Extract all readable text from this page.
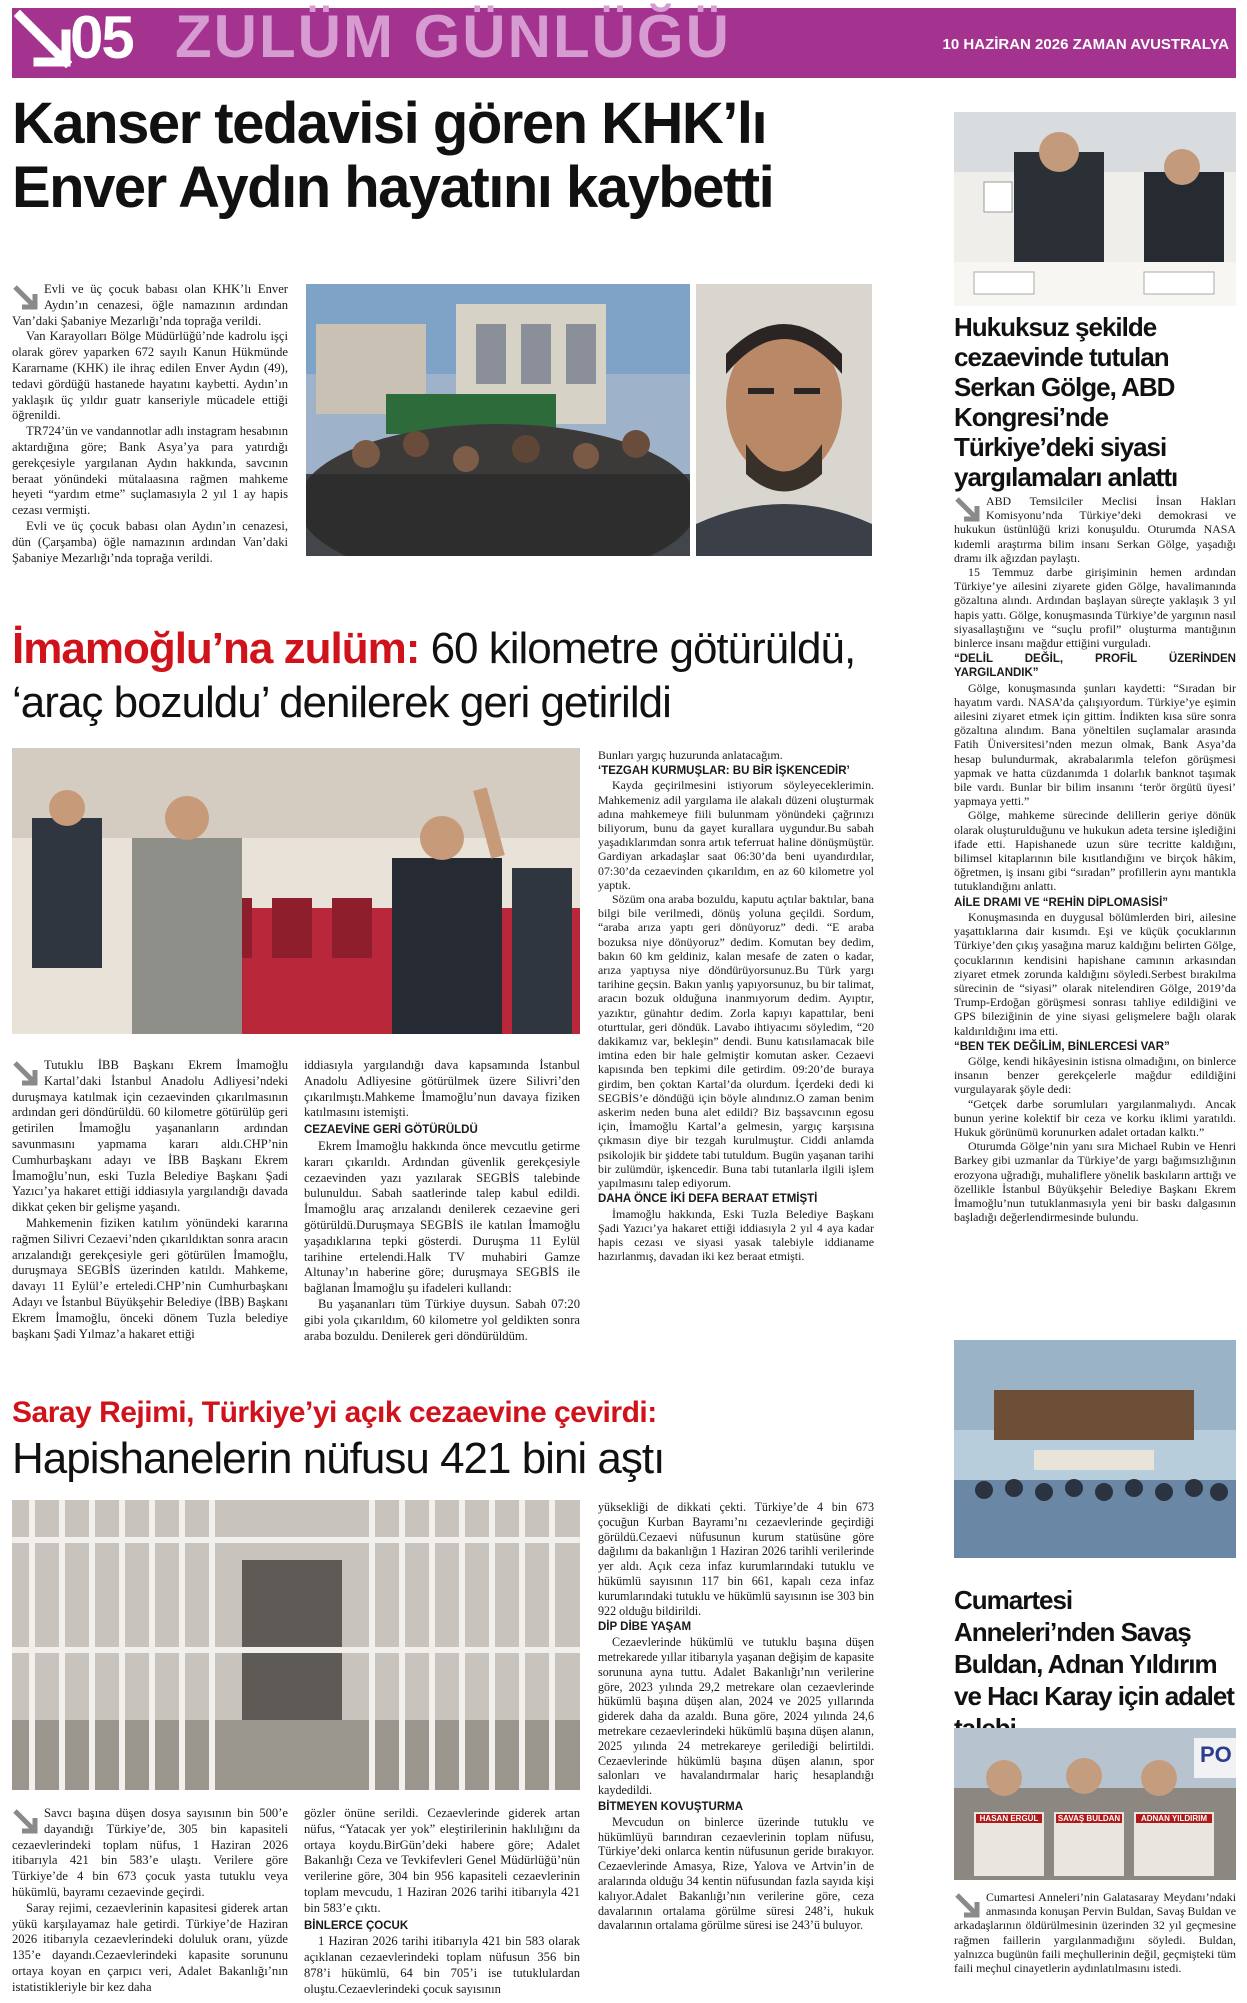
05 ZULÜM GÜNLÜĞÜ	10 HAZİRAN 2026 ZAMAN AVUSTRALYA
Kanser tedavisi gören KHK’lı
Enver Aydın hayatını kaybetti

Evli ve üç çocuk babası olan KHK’lı Enver Aydın’ın cenazesi, öğle namazının ardından Van’daki Şabaniye Mezarlığı’nda toprağa verildi.

Van Karayolları Bölge Müdürlüğü’nde kadrolu işçi olarak görev yaparken 672 sayılı Kanun Hükmünde Kararname (KHK) ile ihraç edilen Enver Aydın (49), tedavi gördüğü hastanede hayatını kaybetti. Aydın’ın yaklaşık üç yıldır guatr kanseriyle mücadele ettiği öğrenildi.

TR724’ün ve vandannotlar adlı instagram hesabının aktardığına göre; Bank Asya’ya para yatırdığı gerekçesiyle yargılanan Aydın hakkında, savcının beraat yönündeki mütalaasına rağmen mahkeme heyeti “yardım etme” suçlamasıyla 2 yıl 1 ay hapis cezası vermişti.

Evli ve üç çocuk babası olan Aydın’ın cenazesi, dün (Çarşamba) öğle namazının ardından Van’daki Şabaniye Mezarlığı’nda toprağa verildi.

İmamoğlu’na zulüm: 60 kilometre götürüldü,
‘araç bozuldu’ denilerek geri getirildi

Tutuklu İBB Başkanı Ekrem İmamoğlu Kartal’daki İstanbul Anadolu Adliyesi’ndeki duruşmaya katılmak için cezaevinden çıkarılmasının ardından geri döndürüldü. 60 kilometre götürülüp geri getirilen İmamoğlu yaşananların ardından savunmasını yapmama kararı aldı.CHP’nin Cumhurbaşkanı adayı ve İBB Başkanı Ekrem İmamoğlu’nun, eski Tuzla Belediye Başkanı Şadi Yazıcı’ya hakaret ettiği iddiasıyla yargılandığı davada dikkat çeken bir gelişme yaşandı.

Mahkemenin fiziken katılım yönündeki kararına rağmen Silivri Cezaevi’nden çıkarıldıktan sonra aracın arızalandığı gerekçesiyle geri götürülen İmamoğlu, duruşmaya SEGBİS üzerinden katıldı. Mahkeme, davayı 11 Eylül’e erteledi.CHP’nin Cumhurbaşkanı Adayı ve İstanbul Büyükşehir Belediye (İBB) Başkanı Ekrem İmamoğlu, önceki dönem Tuzla belediye başkanı Şadi Yılmaz’a hakaret ettiği

iddiasıyla yargılandığı dava kapsamında İstanbul Anadolu Adliyesine götürülmek üzere Silivri’den çıkarılmıştı.Mahkeme İmamoğlu’nun davaya fiziken katılmasını istemişti.

CEZAEVİNE GERİ GÖTÜRÜLDÜ

Ekrem İmamoğlu hakkında önce mevcutlu getirme kararı çıkarıldı. Ardından güvenlik gerekçesiyle cezaevinden yazı yazılarak SEGBİS talebinde bulunulduı. Sabah saatlerinde talep kabul edildi. İmamoğlu araç arızalandı denilerek cezaevine geri götürüldü.Duruşmaya SEGBİS ile katılan İmamoğlu yaşadıklarına tepki gösterdi. Duruşma 11 Eylül tarihine ertelendi.Halk TV muhabiri Gamze Altunay’ın haberine göre; duruşmaya SEGBİS ile bağlanan İmamoğlu şu ifadeleri kullandı:

Bu yaşananları tüm Türkiye duysun. Sabah 07:20 gibi yola çıkarıldım, 60 kilometre yol geldikten sonra araba bozuldu. Denilerek geri döndürüldüm.

Bunları yargıç huzurunda anlatacağım.

‘TEZGAH KURMUŞLAR: BU BİR İŞKENCEDİR’

Kayda geçirilmesini istiyorum söyleyeceklerimin. Mahkemeniz adil yargılama ile alakalı düzeni oluşturmak adına mahkemeye fiili bulunmam yönündeki çağrınızı biliyorum, bunu da gayet kurallara uygundur.Bu sabah yaşadıklarımdan sonra artık teferruat haline dönüşmüştür. Gardiyan arkadaşlar saat 06:30’da beni uyandırdılar, 07:30’da cezaevinden çıkarıldım, en az 60 kilometre yol yaptık.

Sözüm ona araba bozuldu, kaputu açtılar baktılar, bana bilgi bile verilmedi, dönüş yoluna geçildi. Sordum, “araba arıza yaptı geri dönüyoruz” dedi. “E araba bozuksa niye dönüyoruz” dedim. Komutan bey dedim, bakın 60 km geldiniz, kalan mesafe de zaten o kadar, arıza yaptıysa niye döndürüyorsunuz.Bu Türk yargı tarihine geçsin. Bakın yanlış yapıyorsunuz, bu bir talimat, aracın bozuk olduğuna inanmıyorum dedim. Ayıptır, yazıktır, günahtır dedim. Zorla kapıyı kapattılar, beni oturttular, geri döndük. Lavabo ihtiyacımı söyledim, “20 dakikamız var, bekleşin” dendi. Bunu katısılamacak bile imtina eden bir hale gelmiştir komutan asker. Cezaevi kapısında ben tepkimi dile getirdim. 09:20’de buraya girdim, ben çoktan Kartal’da olurdum. İçerdeki dedi ki SEGBİS’e döndüğü için böyle alındınız.O zaman benim askerim neden buna alet edildi? Biz başsavcının egosu için, İmamoğlu Kartal’a gelmesin, yargıç karşısına çıkmasın diye bir tezgah kurulmuştur. Ciddi anlamda psikolojik bir şiddete tabi tutuldum. Bugün yaşanan tarihi bir zulümdür, işkencedir. Buna tabi tutanlarla ilgili işlem yapılmasını talep ediyorum.

DAHA ÖNCE İKİ DEFA BERAAT ETMİŞTİ

İmamoğlu hakkında, Eski Tuzla Belediye Başkanı Şadi Yazıcı’ya hakaret ettiği iddiasıyla 2 yıl 4 aya kadar hapis cezası ve siyasi yasak talebiyle iddianame hazırlanmış, davadan iki kez beraat etmişti.

Saray Rejimi, Türkiye’yi açık cezaevine çevirdi:
Hapishanelerin nüfusu 421 bini aştı

Savcı başına düşen dosya sayısının bin 500’e dayandığı Türkiye’de, 305 bin kapasiteli cezaevlerindeki toplam nüfus, 1 Haziran 2026 itibarıyla 421 bin 583’e ulaştı. Verilere göre Türkiye’de 4 bin 673 çocuk yasta tutuklu veya hükümlü, bayramı cezaevinde geçirdi.

Saray rejimi, cezaevlerinin kapasitesi giderek artan yükü karşılayamaz hale getirdi. Türkiye’de Haziran 2026 itibarıyla cezaevlerindeki doluluk oranı, yüzde 135’e dayandı.Cezaevlerindeki kapasite sorununu ortaya koyan en çarpıcı veri, Adalet Bakanlığı’nın istatistikleriyle bir kez daha

gözler önüne serildi. Cezaevlerinde giderek artan nüfus, “Yatacak yer yok” eleştirilerinin haklılığını da ortaya koydu.BirGün’deki habere göre; Adalet Bakanlığı Ceza ve Tevkifevleri Genel Müdürlüğü’nün verilerine göre, 304 bin 956 kapasiteli cezaevlerinin toplam mevcudu, 1 Haziran 2026 tarihi itibarıyla 421 bin 583’e çıktı.

BİNLERCE ÇOCUK

1 Haziran 2026 tarihi itibarıyla 421 bin 583 olarak açıklanan cezaevlerindeki toplam nüfusun 356 bin 878’i hükümlü, 64 bin 705’i ise tutuklulardan oluştu.Cezaevlerindeki çocuk sayısının

yüksekliği de dikkati çekti. Türkiye’de 4 bin 673 çocuğun Kurban Bayramı’nı cezaevlerinde geçirdiği görüldü.Cezaevi nüfusunun kurum statüsüne göre dağılımı da bakanlığın 1 Haziran 2026 tarihli verilerinde yer aldı. Açık ceza infaz kurumlarındaki tutuklu ve hükümlü sayısının 117 bin 661, kapalı ceza infaz kurumlarındaki tutuklu ve hükümlü sayısının ise 303 bin 922 olduğu bildirildi.

DİP DİBE YAŞAM

Cezaevlerinde hükümlü ve tutuklu başına düşen metrekarede yıllar itibarıyla yaşanan değişim de kapasite sorununa ayna tuttu. Adalet Bakanlığı’nın verilerine göre, 2023 yılında 29,2 metrekare olan cezaevlerinde hükümlü başına düşen alan, 2024 ve 2025 yıllarında giderek daha da azaldı. Buna göre, 2024 yılında 24,6 metrekare cezaevlerindeki hükümlü başına düşen alanın, 2025 yılında 24 metrekareye gerilediği belirtildi. Cezaevlerinde hükümlü başına düşen alanın, spor salonları ve havalandırmalar hariç hesaplandığı kaydedildi.

BİTMEYEN KOVUŞTURMA

Mevcudun on binlerce üzerinde tutuklu ve hükümlüyü barındıran cezaevlerinin toplam nüfusu, Türkiye’deki onlarca kentin nüfusunun geride bırakıyor. Cezaevlerinde Amasya, Rize, Yalova ve Artvin’in de aralarında olduğu 34 kentin nüfusundan fazla sayıda kişi kalıyor.Adalet Bakanlığı’nın verilerine göre, ceza davalarının ortalama görülme süresi 248’i, hukuk davalarının ortalama görülme süresi ise 243’ü buluyor.

Hukuksuz şekilde cezaevinde tutulan Serkan Gölge, ABD Kongresi’nde Türkiye’deki siyasi yargılamaları anlattı

ABD Temsilciler Meclisi İnsan Hakları Komisyonu’nda Türkiye’deki demokrasi ve hukukun üstünlüğü krizi konuşuldu. Oturumda NASA kıdemli araştırma bilim insanı Serkan Gölge, yaşadığı dramı ilk ağızdan paylaştı.

15 Temmuz darbe girişiminin hemen ardından Türkiye’ye ailesini ziyarete giden Gölge, havalimanında gözaltına alındı. Ardından başlayan süreçte yaklaşık 3 yıl hapis yattı. Gölge, konuşmasında Türkiye’de yargının nasıl siyasallaştığını ve “suçlu profil” oluşturma mantığının binlerce insanı mağdur ettiğini vurguladı.

“DELİL DEĞİL, PROFİL ÜZERİNDEN YARGILANDIK”

Gölge, konuşmasında şunları kaydetti: “Sıradan bir hayatım vardı. NASA’da çalışıyordum. Türkiye’ye eşimin ailesini ziyaret etmek için gittim. İndikten kısa süre sonra gözaltına alındım. Bana yöneltilen suçlamalar arasında Fatih Üniversitesi’nden mezun olmak, Bank Asya’da hesap bulundurmak, akrabalarımla telefon görüşmesi yapmak ve hatta cüzdanımda 1 dolarlık banknot taşımak bile vardı. Bunlar bir bilim insanını ‘terör örgütü üyesi’ yapmaya yetti.”

Gölge, mahkeme sürecinde delillerin geriye dönük olarak oluşturulduğunu ve hukukun adeta tersine işlediğini ifade etti. Hapishanede uzun süre tecritte kaldığını, bilimsel kitaplarının bile kısıtlandığını ve birçok hâkim, öğretmen, iş insanı gibi “sıradan” profillerin aynı mantıkla tutuklandığını anlattı.

AİLE DRAMI VE “REHİN DİPLOMASİSİ”

Konuşmasında en duygusal bölümlerden biri, ailesine yaşattıklarına dair kısımdı. Eşi ve küçük çocuklarının Türkiye’den çıkış yasağına maruz kaldığını belirten Gölge, çocuklarının kendisini hapishane camının arkasından ziyaret etmek zorunda kaldığını söyledi.Serbest bırakılma sürecinin de “siyasi” olarak nitelendiren Gölge, 2019’da Trump-Erdoğan görüşmesi sonrası tahliye edildiğini ve GPS bileziğinin de yine siyasi gelişmelere bağlı olarak kaldırıldığını ima etti.

“BEN TEK DEĞİLİM, BİNLERCESİ VAR”

Gölge, kendi hikâyesinin istisna olmadığını, on binlerce insanın benzer gerekçelerle mağdur edildiğini vurgulayarak şöyle dedi:

“Getçek darbe sorumluları yargılanmalıydı. Ancak bunun yerine kolektif bir ceza ve korku iklimi yaratıldı. Hukuk görünümü korunurken adalet ortadan kalktı.”

Oturumda Gölge’nin yanı sıra Michael Rubin ve Henri Barkey gibi uzmanlar da Türkiye’de yargı bağımsızlığının erozyona uğradığı, muhaliflere yönelik baskıların arttığı ve özellikle İstanbul Büyükşehir Belediye Başkanı Ekrem İmamoğlu’nun tutuklanmasıyla yeni bir baskı dalgasının başladığı değerlendirmesinde bulundu.

Cumartesi Anneleri’nden Savaş Buldan, Adnan Yıldırım ve Hacı Karay için adalet
HASAN ERGÜL	SAVAŞ BULDAN	ADNAN YILDIRIM
PO

Cumartesi Anneleri’nin Galatasaray Meydanı’ndaki anmasında konuşan Pervin Buldan, Savaş Buldan ve arkadaşlarının öldürülmesinin üzerinden 32 yıl geçmesine rağmen faillerin yargılanmadığını söyledi. Buldan, yalnızca bugünün faili meçhullerinin değil, geçmişteki tüm faili meçhul cinayetlerin aydınlatılmasını istedi.
